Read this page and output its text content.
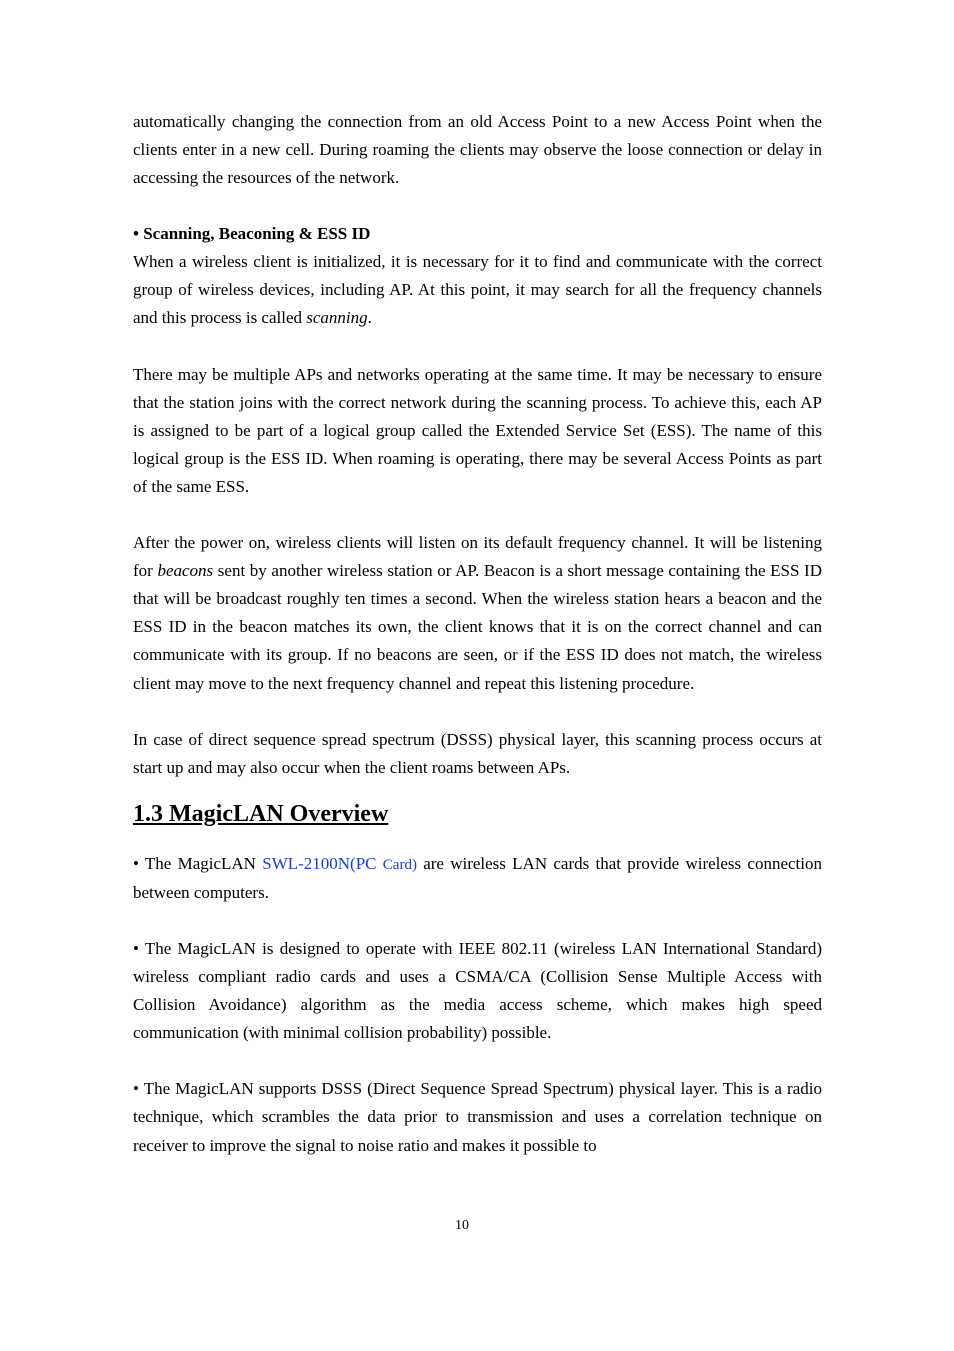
automatically changing the connection from an old Access Point to a new Access Point when the clients enter in a new cell. During roaming the clients may observe the loose connection or delay in accessing the resources of the network.

• Scanning, Beaconing & ESS ID

When a wireless client is initialized, it is necessary for it to find and communicate with the correct group of wireless devices, including AP. At this point, it may search for all the frequency channels and this process is called scanning.

There may be multiple APs and networks operating at the same time. It may be necessary to ensure that the station joins with the correct network during the scanning process. To achieve this, each AP is assigned to be part of a logical group called the Extended Service Set (ESS). The name of this logical group is the ESS ID. When roaming is operating, there may be several Access Points as part of the same ESS.

After the power on, wireless clients will listen on its default frequency channel. It will be listening for beacons sent by another wireless station or AP. Beacon is a short message containing the ESS ID that will be broadcast roughly ten times a second. When the wireless station hears a beacon and the ESS ID in the beacon matches its own, the client knows that it is on the correct channel and can communicate with its group. If no beacons are seen, or if the ESS ID does not match, the wireless client may move to the next frequency channel and repeat this listening procedure.

In case of direct sequence spread spectrum (DSSS) physical layer, this scanning process occurs at start up and may also occur when the client roams between APs.

1.3 MagicLAN Overview

• The MagicLAN SWL-2100N(PC Card) are wireless LAN cards that provide wireless connection between computers.

• The MagicLAN is designed to operate with IEEE 802.11 (wireless LAN International Standard) wireless compliant radio cards and uses a CSMA/CA (Collision Sense Multiple Access with Collision Avoidance) algorithm as the media access scheme, which makes high speed communication (with minimal collision probability) possible.

• The MagicLAN supports DSSS (Direct Sequence Spread Spectrum) physical layer. This is a radio technique, which scrambles the data prior to transmission and uses a correlation technique on receiver to improve the signal to noise ratio and makes it possible to

10
